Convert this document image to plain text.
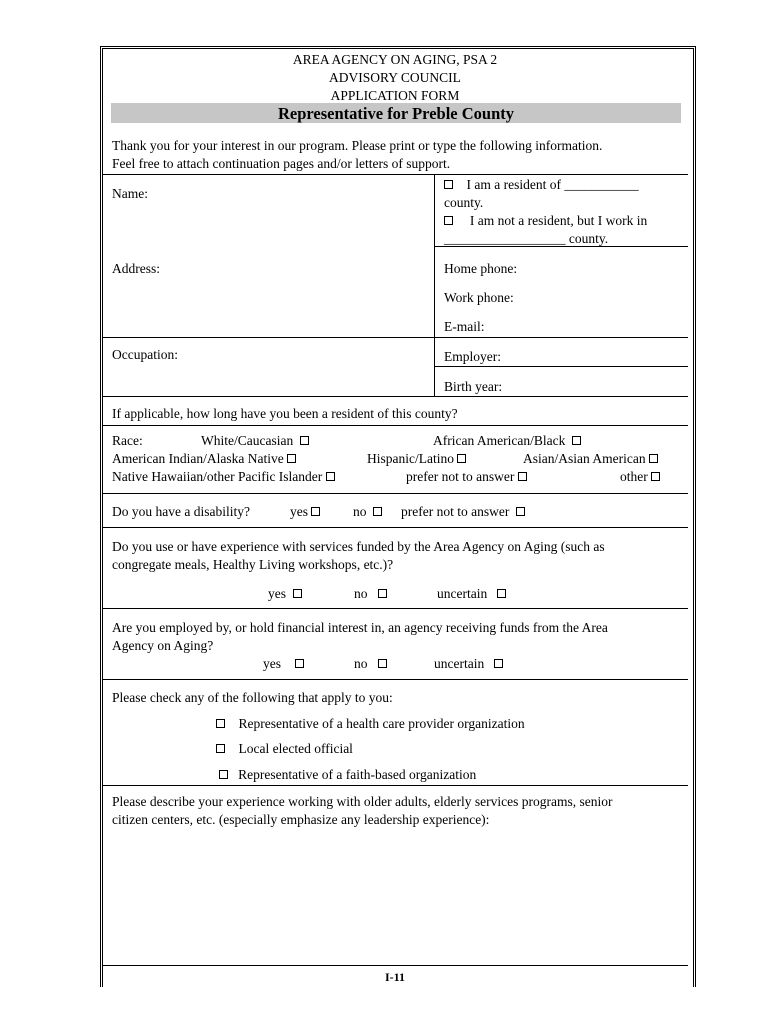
AREA AGENCY ON AGING, PSA 2
ADVISORY COUNCIL
APPLICATION FORM
Representative for Preble County
Thank you for your interest in our program. Please print or type the following information.
Feel free to attach continuation pages and/or letters of support.
Name:
I am a resident of ___________
county.
I am not a resident, but I work in
__________________ county.
Address:	Home phone:
Work phone:
E-mail:
Occupation:	Employer:
Birth year:
If applicable, how long have you been a resident of this county?
Race:	White/Caucasian	African American/Black
American Indian/Alaska Native	Hispanic/Latino	Asian/Asian American
Native Hawaiian/other Pacific Islander	prefer not to answer	other
Do you have a disability?	yes	no	prefer not to answer
Do you use or have experience with services funded by the Area Agency on Aging (such as
congregate meals, Healthy Living workshops, etc.)?
yes	no	uncertain
Are you employed by, or hold financial interest in, an agency receiving funds from the Area
Agency on Aging?
yes	no	uncertain
Please check any of the following that apply to you:
Representative of a health care provider organization
Local elected official
Representative of a faith-based organization
Please describe your experience working with older adults, elderly services programs, senior
citizen centers, etc. (especially emphasize any leadership experience):
I-11
